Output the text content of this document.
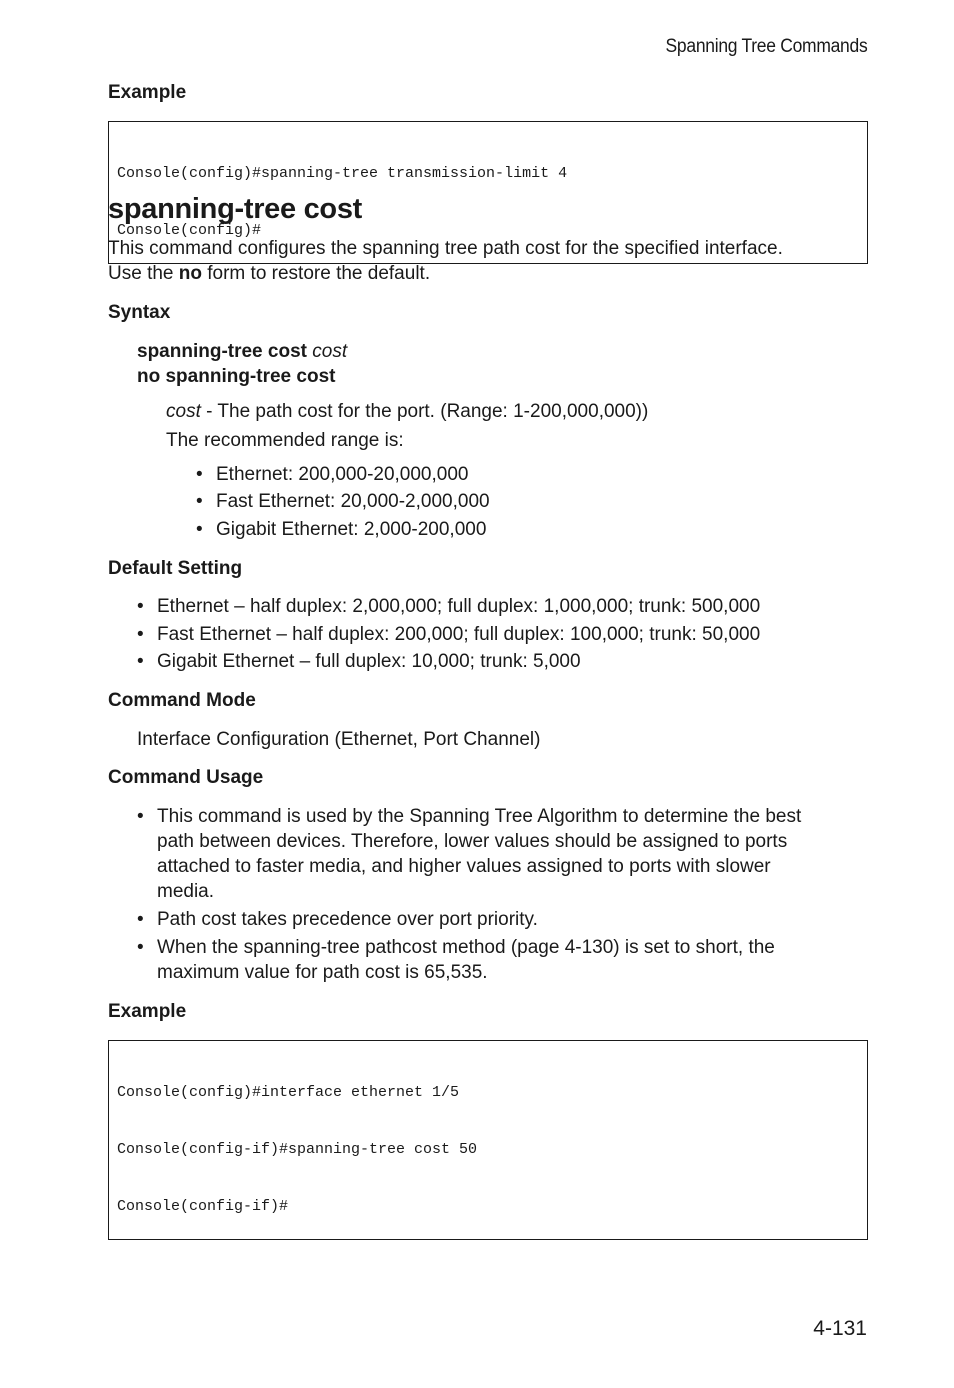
Spanning Tree Commands
Example

Console(config)#spanning-tree transmission-limit 4

Console(config)#

spanning-tree cost
This command configures the spanning tree path cost for the specified interface.
Use the no form to restore the default.
Syntax
spanning-tree cost cost
no spanning-tree cost
cost - The path cost for the port. (Range: 1-200,000,000))
The recommended range is:
• Ethernet: 200,000-20,000,000
• Fast Ethernet: 20,000-2,000,000
• Gigabit Ethernet: 2,000-200,000
Default Setting
• Ethernet – half duplex: 2,000,000; full duplex: 1,000,000; trunk: 500,000
• Fast Ethernet – half duplex: 200,000; full duplex: 100,000; trunk: 50,000
• Gigabit Ethernet – full duplex: 10,000; trunk: 5,000
Command Mode
Interface Configuration (Ethernet, Port Channel)
Command Usage
• This command is used by the Spanning Tree Algorithm to determine the best
path between devices. Therefore, lower values should be assigned to ports
attached to faster media, and higher values assigned to ports with slower
media.
• Path cost takes precedence over port priority.
• When the spanning-tree pathcost method (page 4-130) is set to short, the
maximum value for path cost is 65,535.
Example

Console(config)#interface ethernet 1/5

Console(config-if)#spanning-tree cost 50

Console(config-if)#

4-131
